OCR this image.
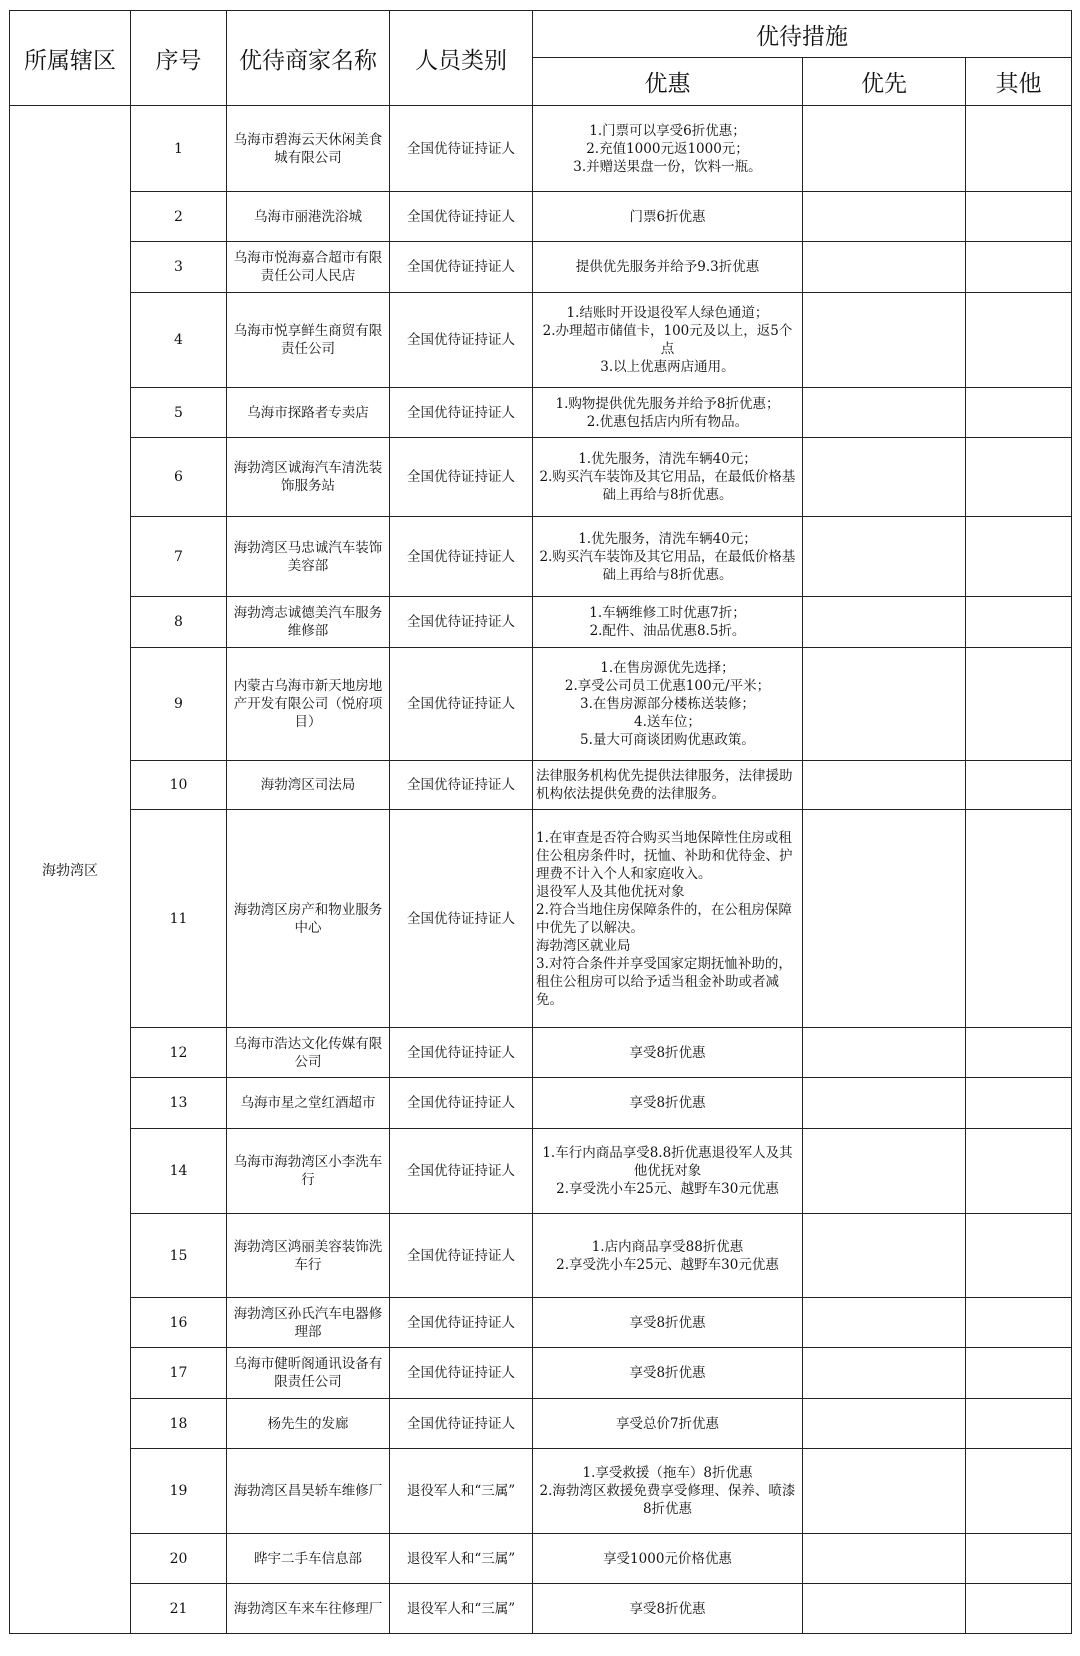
所属辖区	序号	优待商家名称	人员类别	优待措施		
				优惠	优先	其他
海勃湾区	1	乌海市碧海云天休闲美食城有限公司	全国优待证持证人	1.门票可以享受6折优惠；
2.充值1000元返1000元；
3.并赠送果盘一份，饮料一瓶。		

	2	乌海市丽港洗浴城	全国优待证持证人	门票6折优惠		

	3	乌海市悦海嘉合超市有限责任公司人民店	全国优待证持证人	提供优先服务并给予9.3折优惠		

	4	乌海市悦享鲜生商贸有限责任公司	全国优待证持证人	1.结账时开设退役军人绿色通道；
2.办理超市储值卡，100元及以上，返5个点
3.以上优惠两店通用。		

	5	乌海市探路者专卖店	全国优待证持证人	1.购物提供优先服务并给予8折优惠；
2.优惠包括店内所有物品。		

	6	海勃湾区诚海汽车清洗装饰服务站	全国优待证持证人	1.优先服务，清洗车辆40元；
2.购买汽车装饰及其它用品，在最低价格基础上再给与8折优惠。		

	7	海勃湾区马忠诚汽车装饰美容部	全国优待证持证人	1.优先服务，清洗车辆40元；
2.购买汽车装饰及其它用品，在最低价格基础上再给与8折优惠。		

	8	海勃湾志诚德美汽车服务维修部	全国优待证持证人	1.车辆维修工时优惠7折；
2.配件、油品优惠8.5折。		

	9	内蒙古乌海市新天地房地产开发有限公司（悦府项目）	全国优待证持证人	1.在售房源优先选择；
2.享受公司员工优惠100元/平米；
3.在售房源部分楼栋送装修；
4.送车位；
5.量大可商谈团购优惠政策。		

	10	海勃湾区司法局	全国优待证持证人	法律服务机构优先提供法律服务，法律援助机构依法提供免费的法律服务。		

	11	海勃湾区房产和物业服务中心	全国优待证持证人	1.在审查是否符合购买当地保障性住房或租住公租房条件时，抚恤、补助和优待金、护理费不计入个人和家庭收入。
退役军人及其他优抚对象
2.符合当地住房保障条件的，在公租房保障中优先了以解决。
海勃湾区就业局
3.对符合条件并享受国家定期抚恤补助的，租住公租房可以给予适当租金补助或者减免。		

	12	乌海市浩达文化传媒有限公司	全国优待证持证人	享受8折优惠		

	13	乌海市星之堂红酒超市	全国优待证持证人	享受8折优惠		

	14	乌海市海勃湾区小李洗车行	全国优待证持证人	1.车行内商品享受8.8折优惠退役军人及其他优抚对象
2.享受洗小车25元、越野车30元优惠		

	15	海勃湾区鸿丽美容装饰洗车行	全国优待证持证人	1.店内商品享受88折优惠
2.享受洗小车25元、越野车30元优惠		

	16	海勃湾区孙氏汽车电器修理部	全国优待证持证人	享受8折优惠		

	17	乌海市健昕阁通讯设备有限责任公司	全国优待证持证人	享受8折优惠		

	18	杨先生的发廊	全国优待证持证人	享受总价7折优惠		

	19	海勃湾区昌昊轿车维修厂	退役军人和“三属”	1.享受救援（拖车）8折优惠
2.海勃湾区救援免费享受修理、保养、喷漆8折优惠		

	20	晔宇二手车信息部	退役军人和“三属”	享受1000元价格优惠		

	21	海勃湾区车来车往修理厂	退役军人和“三属”	享受8折优惠		
